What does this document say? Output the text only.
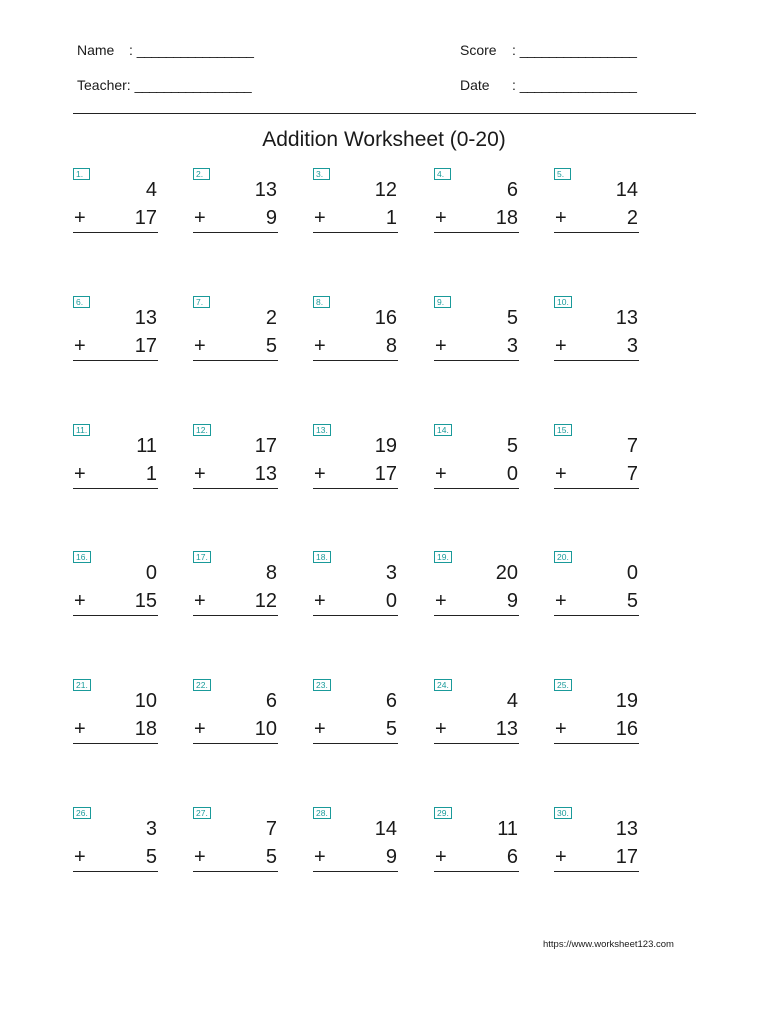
Name : ________________
Teacher: ________________
Score : ________________
Date : ________________
Addition Worksheet (0-20)
1.
4
+ 17
2.
13
+	9
3.
12
+	1
4.
6
+ 18
5.
14
+	2
6.
13
+ 17
7.
2
+	5
8.
16
+	8
9.
5
+	3
10.
13
+	3
11.
11
+	1
12.
17
+ 13
13.
19
+ 17
14.
5
+	0
15.
7
+	7
16.
0
+ 15
17.
8
+ 12
18.
3
+	0
19.
20
+	9
20.
0
+	5
21.
10
+ 18
22.
6
+ 10
23.
6
+	5
24.
4
+ 13
25.
19
+ 16
26.
3
+	5
27.
7
+	5
28.
14
+	9
29.
11
+	6
30.
13
+ 17
https://www.worksheet123.com
